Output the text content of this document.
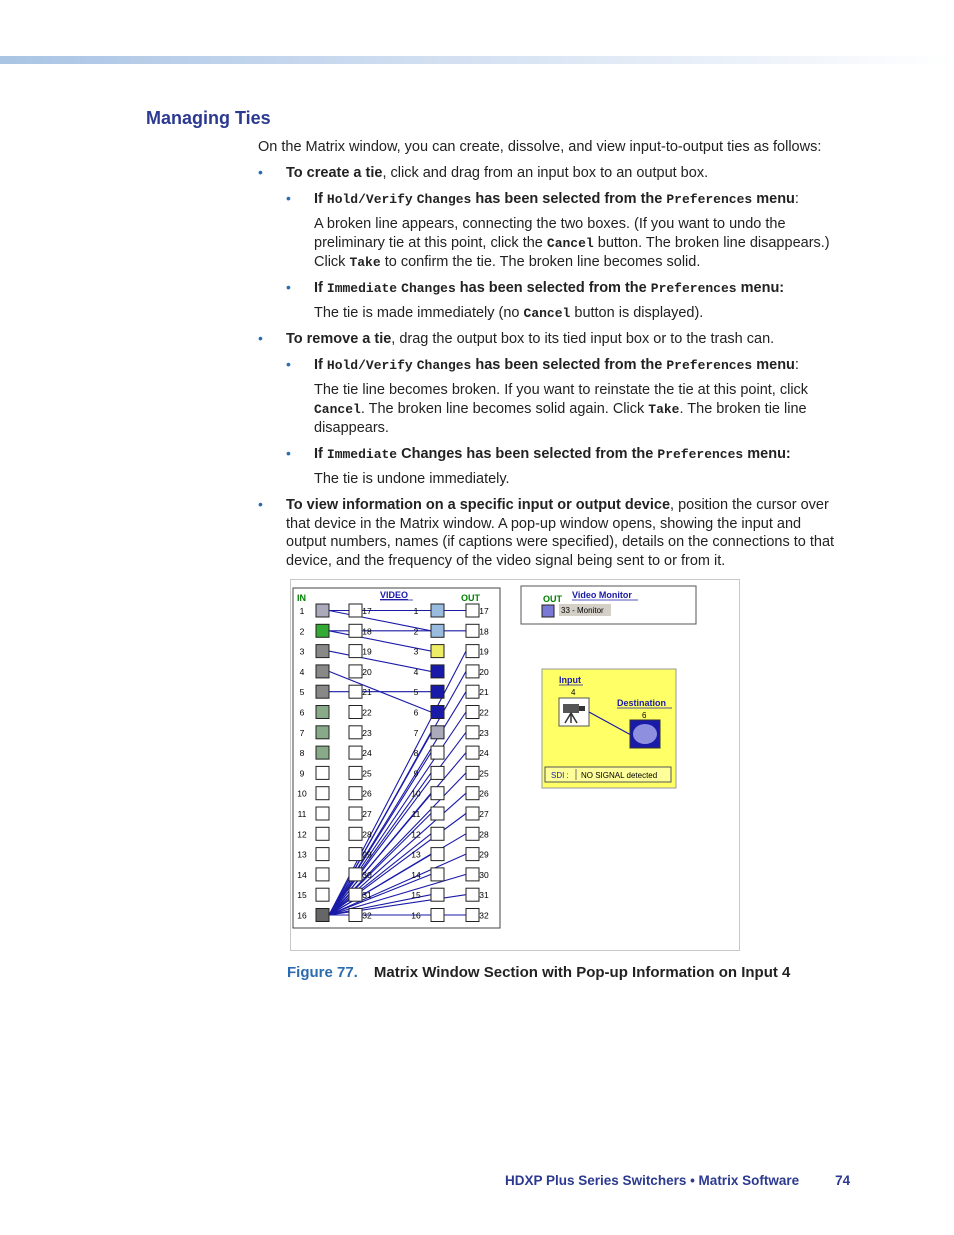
Managing Ties
On the Matrix window, you can create, dissolve, and view input-to-output ties as follows:
• To create a tie, click and drag from an input box to an output box.
• If Hold/Verify Changes has been selected from the Preferences menu:
A broken line appears, connecting the two boxes. (If you want to undo the
preliminary tie at this point, click the Cancel button. The broken line disappears.)
Click Take to confirm the tie. The broken line becomes solid.
• If Immediate Changes has been selected from the Preferences menu:
The tie is made immediately (no Cancel button is displayed).
• To remove a tie, drag the output box to its tied input box or to the trash can.
• If Hold/Verify Changes has been selected from the Preferences menu:
The tie line becomes broken. If you want to reinstate the tie at this point, click
Cancel. The broken line becomes solid again. Click Take. The broken tie line
disappears.
• If Immediate Changes has been selected from the Preferences menu:
The tie is undone immediately.
• To view information on a specific input or output device, position the cursor over
that device in the Matrix window. A pop-up window opens, showing the input and
output numbers, names (if captions were specified), details on the connections to that
device, and the frequency of the video signal being sent to or from it.
IN	VIDEO	OUT
1
2
3
4
5
6
7
8
9
10
11
12
13
14
15
16
17
18
19
20
21
22
23
24
25
26
27
28
29
30
31
32
1
2
3
4
5
6
7
8
9
10
11
12
13
14
15
16
17
18
19
20
21
22
23
24
25
26
27
28
29
30
31
32
OUT Video Monitor
33 - Monitor
Input
4
Destination
6
SDI : NO SIGNAL detected
Figure 77. Matrix Window Section with Pop-up Information on Input 4
HDXP Plus Series Switchers • Matrix Software	74
